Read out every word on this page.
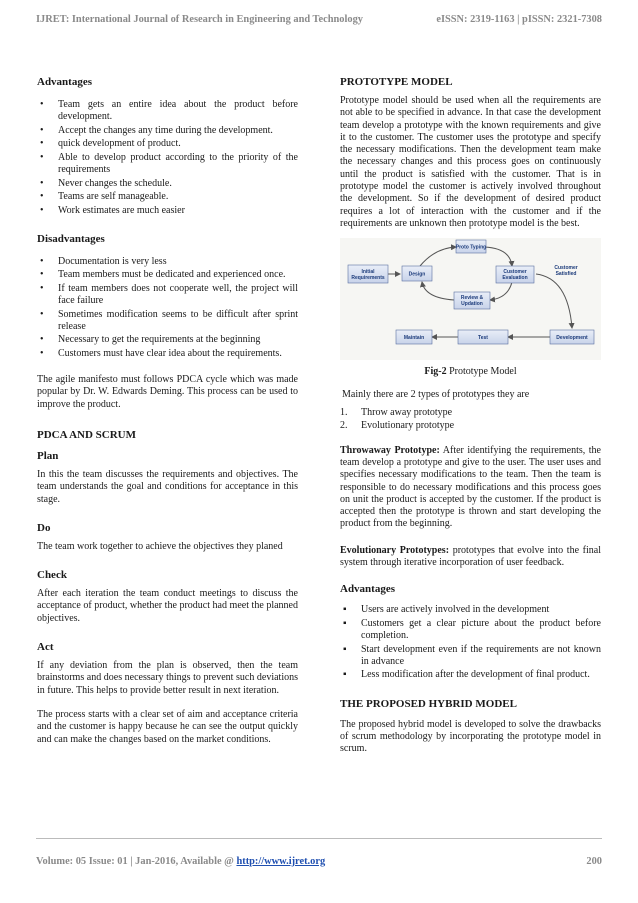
IJRET: International Journal of Research in Engineering and Technology	eISSN: 2319-1163 | pISSN: 2321-7308
Advantages
• Team gets an entire idea about the product before development.
• Accept the changes any time during the development.
• quick development of product.
• Able to develop product according to the priority of the requirements
• Never changes the schedule.
• Teams are self manageable.
• Work estimates are much easier
Disadvantages
• Documentation is very less
• Team members must be dedicated and experienced once.
• If team members does not cooperate well, the project will face failure
• Sometimes modification seems to be difficult after sprint release
• Necessary to get the requirements at the beginning
• Customers must have clear idea about the requirements.

The agile manifesto must follows PDCA cycle which was made popular by Dr. W. Edwards Deming. This process can be used to improve the product.

PDCA AND SCRUM
Plan

In this the team discusses the requirements and objectives. The team understands the goal and conditions for acceptance in this stage.

Do

The team work together to achieve the objectives they planed

Check

After each iteration the team conduct meetings to discuss the acceptance of product, whether the product had meet the planned objectives.

Act

If any deviation from the plan is observed, then the team brainstorms and does necessary things to prevent such deviations in future. This helps to provide better result in next iteration.

The process starts with a clear set of aim and acceptance criteria and the customer is happy because he can see the output quickly and can make the changes based on the market conditions.

PROTOTYPE MODEL

Prototype model should be used when all the requirements are not able to be specified in advance. In that case the development team develop a prototype with the known requirements and give it to the customer. The customer uses the prototype and specify the necessary modifications. Then the development team make the necessary changes and this process goes on continuously until the product is satisfied with the customer. That is in prototype model the customer is actively involved throughout the development. So if the development of desired product requires a lot of interaction with the customer and if the requirements are unknown then prototype model is the best.

Proto Typing
Initial
Requirements
Design	Customer
Evaluation
Customer
Satisfied
Review &
Updation
Maintain	Test	Development
Fig-2 Prototype Model

Mainly there are 2 types of prototypes they are

1. Throw away prototype
2. Evolutionary prototype

Throwaway Prototype: After identifying the requirements, the team develop a prototype and give to the user. The user uses and specifies necessary modifications to the team. Then the team is responsible to do necessary modifications and this process goes on unit the product is accepted by the customer. If the product is accepted then the prototype is thrown and start developing the product from the beginning.

Evolutionary Prototypes: prototypes that evolve into the final system through iterative incorporation of user feedback.

Advantages
▪ Users are actively involved in the development
▪ Customers get a clear picture about the product before completion.
▪ Start development even if the requirements are not known in advance
▪ Less modification after the development of final product.
THE PROPOSED HYBRID MODEL

The proposed hybrid model is developed to solve the drawbacks of scrum methodology by incorporating the prototype model in scrum.

Volume: 05 Issue: 01 | Jan-2016, Available @ http://www.ijret.org	200
